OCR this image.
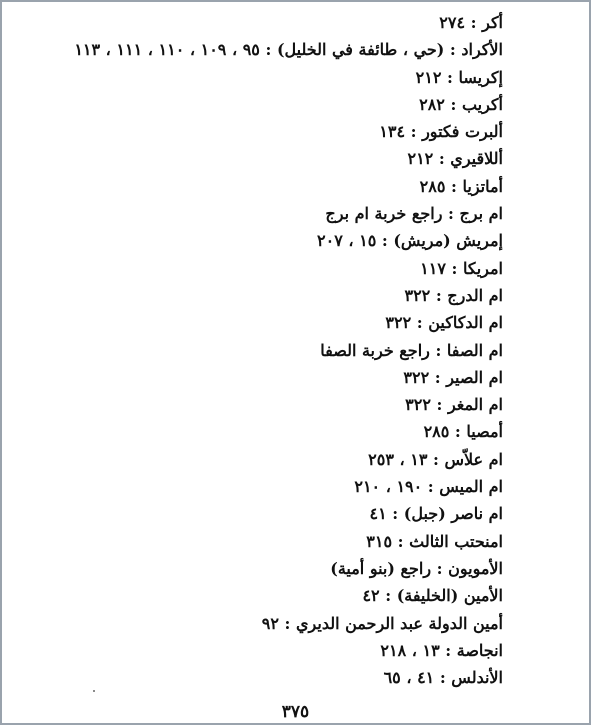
أكر : ٢٧٤
الأكراد : (حي ، طائفة في الخليل) : ٩٥ ، ١٠٩ ، ١١٠ ، ١١١ ، ١١٣
إكريسا : ٢١٢
أكريب : ٢٨٢
ألبرت فكتور : ١٣٤
أللاقيري : ٢١٢
أماتزيا : ٢٨٥
ام برج : راجع خربة ام برج
إمريش (مريش) : ١٥ ، ٢٠٧
امريكا : ١١٧
ام الدرج : ٣٢٢
ام الدكاكين : ٣٢٢
ام الصفا : راجع خربة الصفا
ام الصير : ٣٢٢
ام المغر : ٣٢٢
أمصيا : ٢٨٥
ام علاّس : ١٣ ، ٢٥٣
ام الميس : ١٩٠ ، ٢١٠
ام ناصر (جبل) : ٤١
امنحتب الثالث : ٣١٥
الأمويون : راجع (بنو أمية)
الأمين (الخليفة) : ٤٢
أمين الدولة عبد الرحمن الديري : ٩٢
انجاصة : ١٣ ، ٢١٨
الأندلس : ٤١ ، ٦٥
٣٧٥
